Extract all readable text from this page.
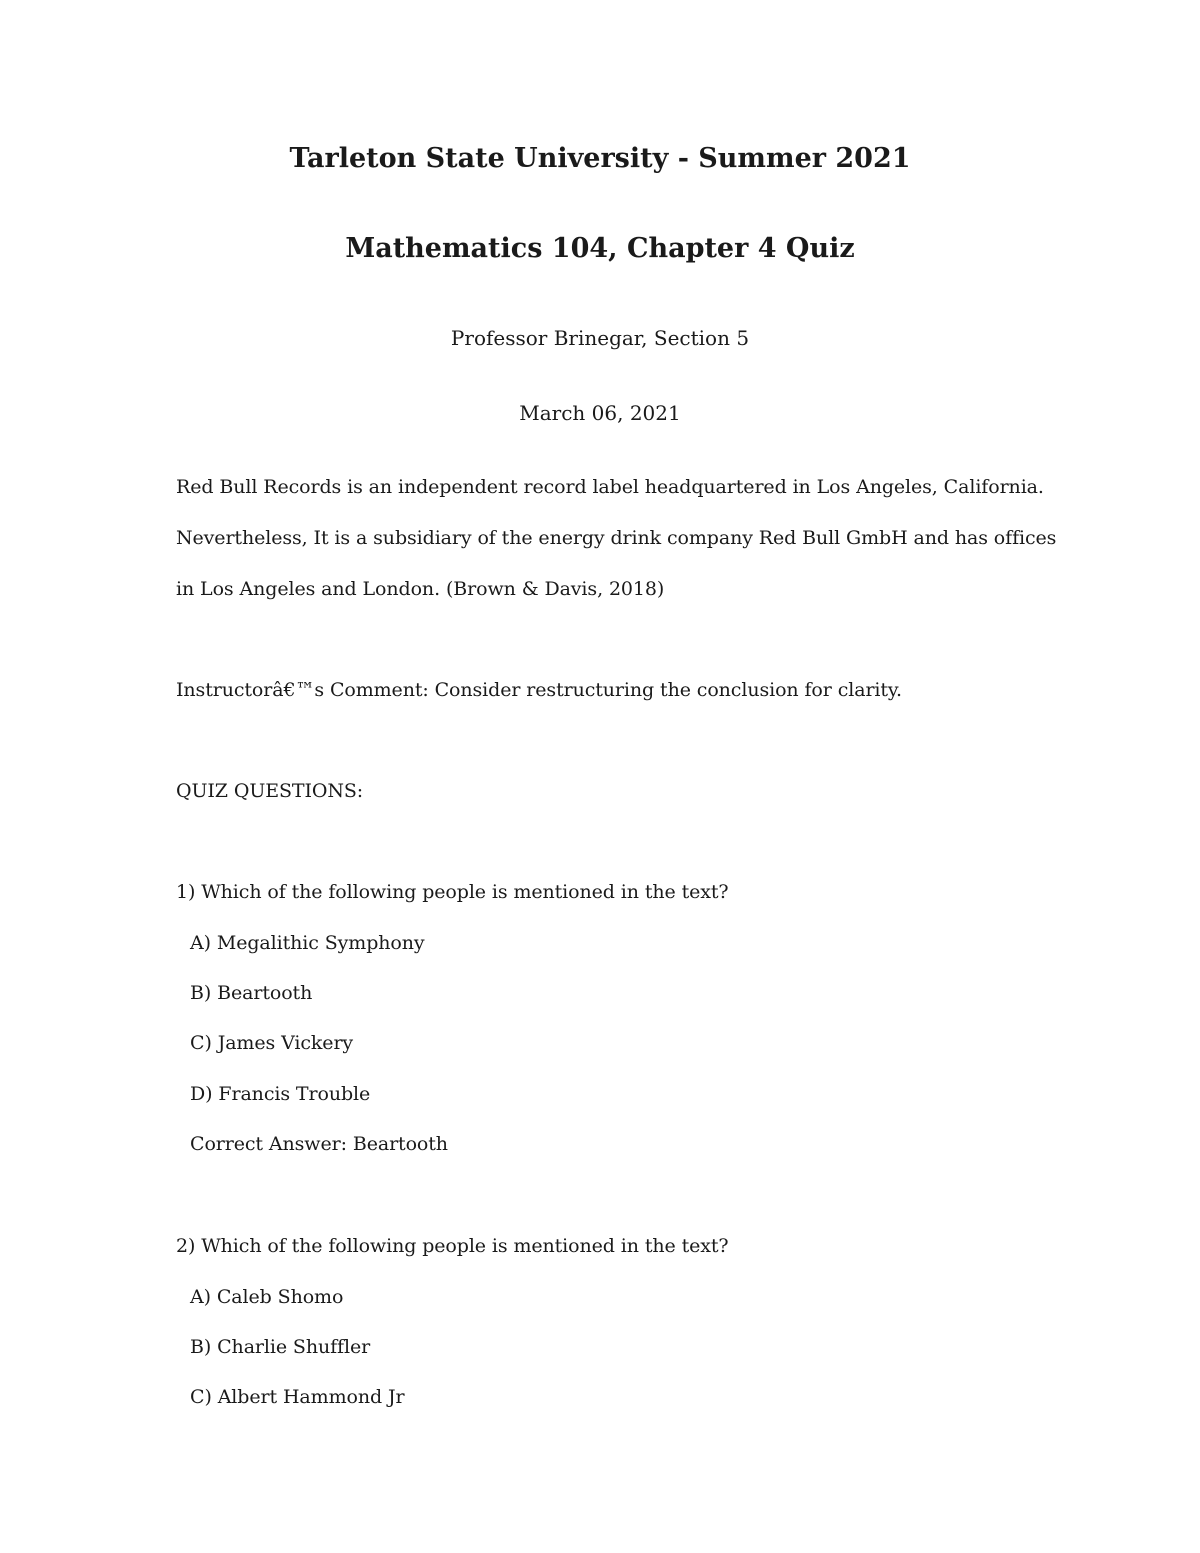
Tarleton State University - Summer 2021
Mathematics 104, Chapter 4 Quiz
Professor Brinegar, Section 5
March 06, 2021
Red Bull Records is an independent record label headquartered in Los Angeles, California.
Nevertheless, It is a subsidiary of the energy drink company Red Bull GmbH and has offices
in Los Angeles and London. (Brown & Davis, 2018)
Instructorâ€™s Comment: Consider restructuring the conclusion for clarity.
QUIZ QUESTIONS:
1) Which of the following people is mentioned in the text?
A) Megalithic Symphony
B) Beartooth
C) James Vickery
D) Francis Trouble
Correct Answer: Beartooth
2) Which of the following people is mentioned in the text?
A) Caleb Shomo
B) Charlie Shuffler
C) Albert Hammond Jr
